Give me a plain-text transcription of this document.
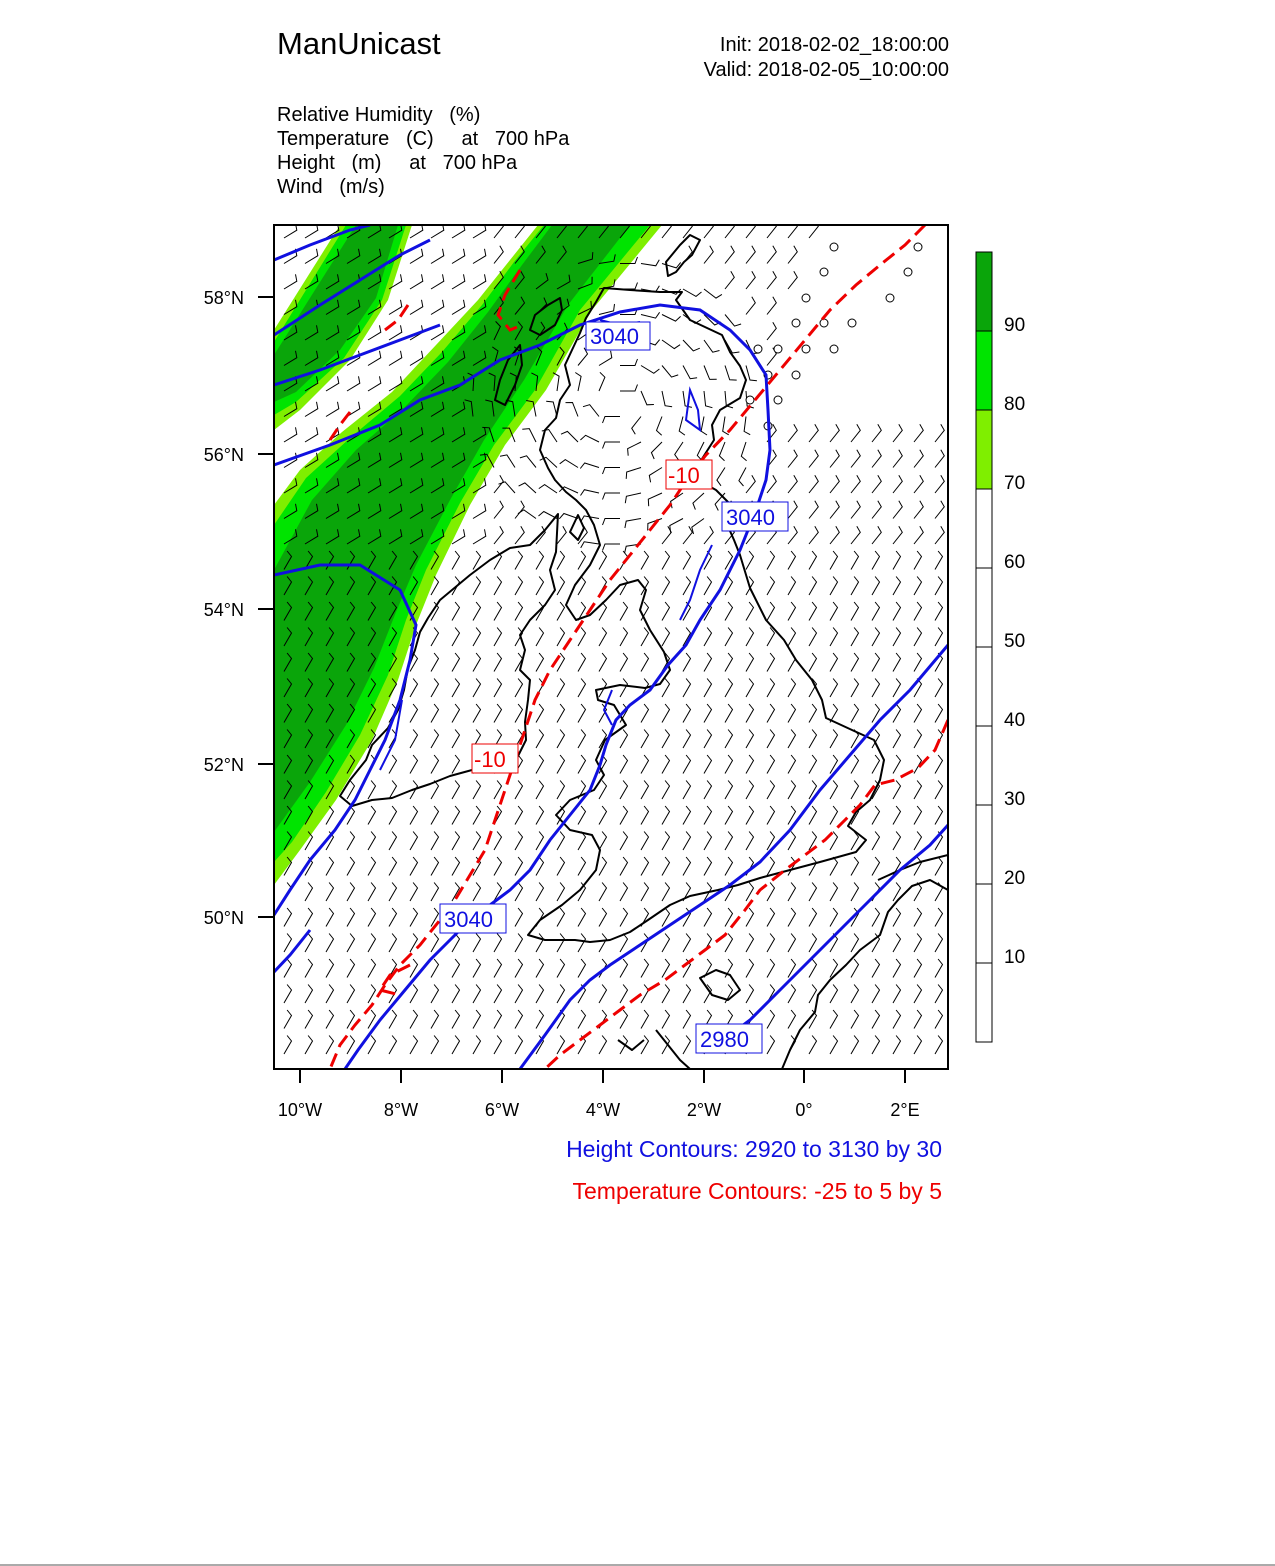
ManUnicast	Init: 2018-02-02_18:00:00
Valid: 2018-02-05_10:00:00
Relative Humidity   (%)
Temperature   (C)     at   700 hPa
Height   (m)     at   700 hPa
Wind   (m/s)
10°W	8°W	6°W	4°W	2°W	0°	2°E
58°N
56°N
54°N
52°N
50°N
3040
3040
3040
2980
-10
-10
90
80
70
60
50
40
30
20
10
Height Contours: 2920 to 3130 by 30
Temperature Contours: -25 to 5 by 5
